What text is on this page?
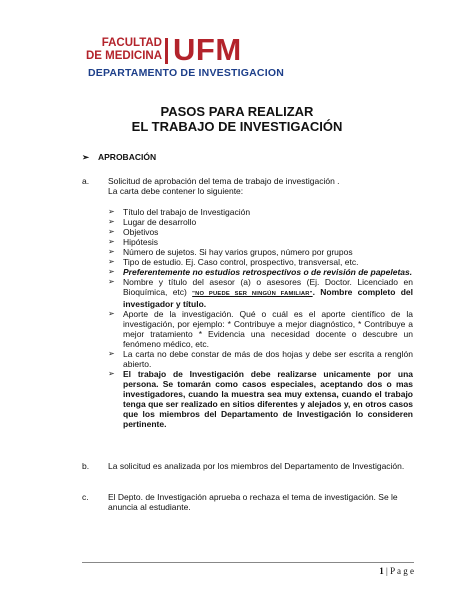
FACULTAD
DE MEDICINA UFM
DEPARTAMENTO DE INVESTIGACION
PASOS PARA REALIZAR
EL TRABAJO DE INVESTIGACIÓN
➢ APROBACIÓN
a. Solicitud de aprobación del tema de trabajo de investigación .
La carta debe contener lo siguiente:
➢ Título del trabajo de Investigación
➢ Lugar de desarrollo
➢ Objetivos
➢ Hipótesis
➢ Número de sujetos. Si hay varios grupos, número por grupos
➢ Tipo de estudio. Ej. Caso control, prospectivo, transversal, etc.
➢ Preferentemente no estudios retrospectivos o de revisión de papeletas.
➢ Nombre y título del asesor (a) o asesores (Ej. Doctor. Licenciado en Bioquímica, etc) "NO PUEDE SER NINGÚN FAMILIAR". Nombre completo del investigador y título.
➢ Aporte de la investigación. Qué o cuál es el aporte científico de la investigación, por ejemplo: * Contribuye a mejor diagnóstico, * Contribuye a mejor tratamiento * Evidencia una necesidad docente o descubre un fenómeno médico, etc.
➢ La carta no debe constar de más de dos hojas y debe ser escrita a renglón abierto.
➢ El trabajo de Investigación debe realizarse unicamente por una persona. Se tomarán como casos especiales, aceptando dos o mas investigadores, cuando la muestra sea muy extensa, cuando el trabajo tenga que ser realizado en sitios diferentes y alejados y, en otros casos que los miembros del Departamento de Investigación lo consideren pertinente.
b. La solicitud es analizada por los miembros del Departamento de Investigación.
c. El Depto. de Investigación aprueba o rechaza el tema de investigación. Se le anuncia al estudiante.
1 | P a g e
